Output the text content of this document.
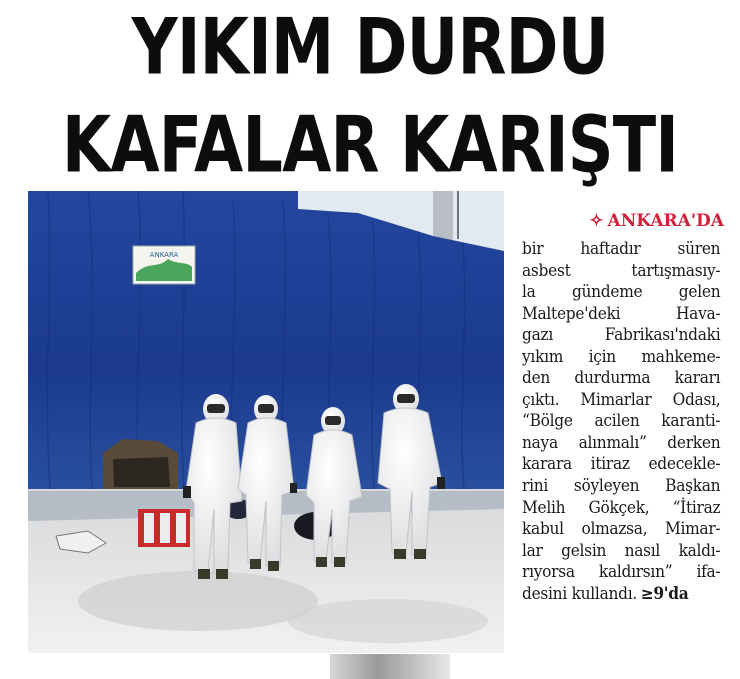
YIKIM DURDU
KAFALAR KARIŞTI
ANKARA
✧ ANKARA'DA
bir haftadır süren
asbest tartışmasıy-
la gündeme gelen
Maltepe'deki Hava-
gazı Fabrikası'ndaki
yıkım için mahkeme-
den durdurma kararı
çıktı. Mimarlar Odası,
“Bölge acilen karanti-
naya alınmalı” derken
karara itiraz edecekle-
rini söyleyen Başkan
Melih Gökçek, “İtiraz
kabul olmazsa, Mimar-
lar gelsin nasıl kaldı-
rıyorsa kaldırsın” ifa-
desini kullandı. ≥9'da
